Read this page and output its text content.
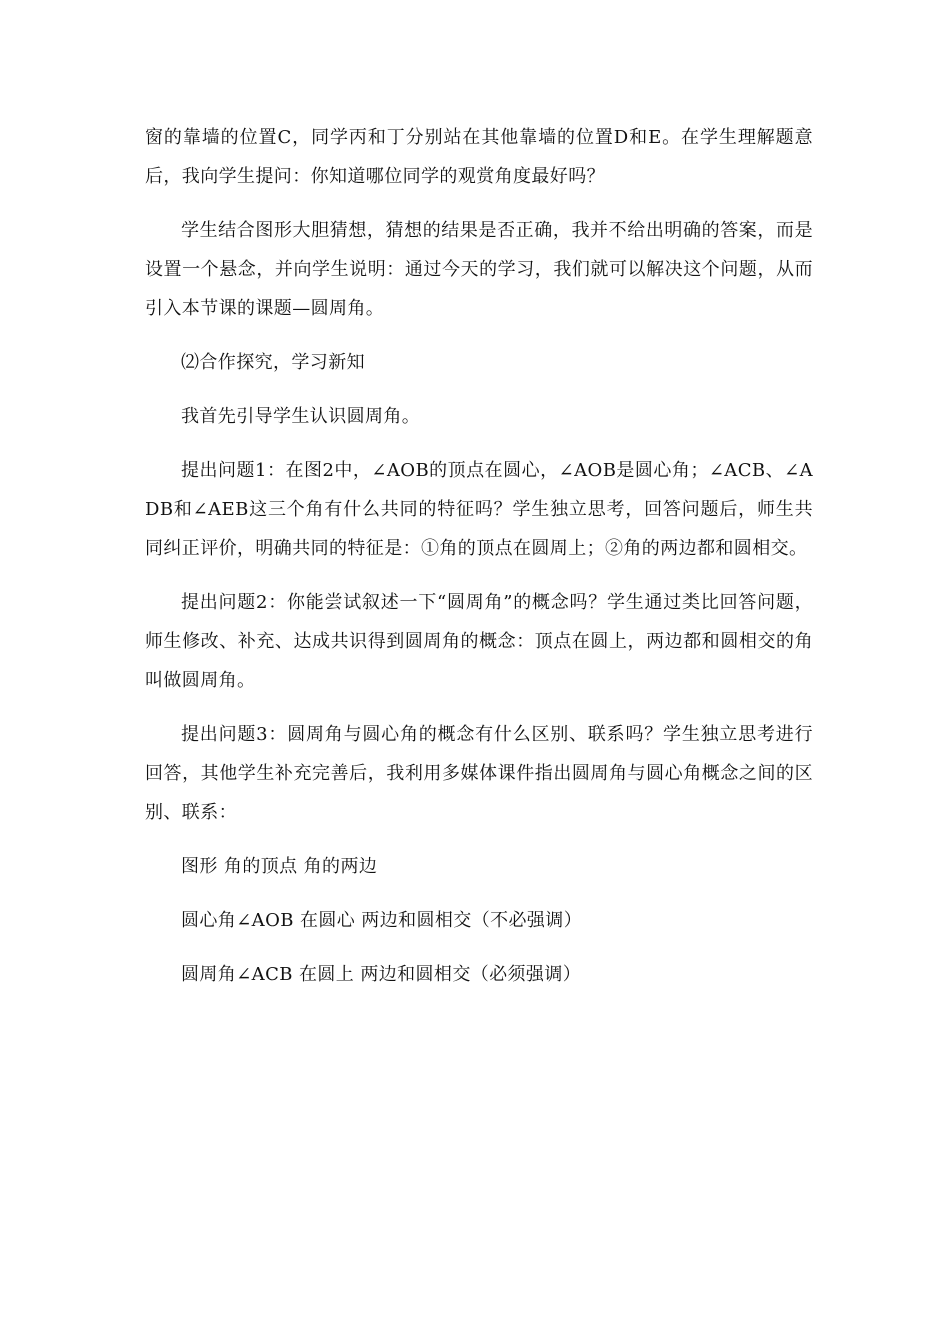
窗的靠墙的位置C，同学丙和丁分别站在其他靠墙的位置D和E。在学生理解题意后，我向学生提问：你知道哪位同学的观赏角度最好吗？

学生结合图形大胆猜想，猜想的结果是否正确，我并不给出明确的答案，而是设置一个悬念，并向学生说明：通过今天的学习，我们就可以解决这个问题，从而引入本节课的课题—圆周角。

⑵合作探究，学习新知

我首先引导学生认识圆周角。

提出问题1：在图2中，∠AOB的顶点在圆心，∠AOB是圆心角；∠ACB、∠ADB和∠AEB这三个角有什么共同的特征吗？学生独立思考，回答问题后，师生共同纠正评价，明确共同的特征是：①角的顶点在圆周上；②角的两边都和圆相交。

提出问题2：你能尝试叙述一下“圆周角”的概念吗？学生通过类比回答问题，师生修改、补充、达成共识得到圆周角的概念：顶点在圆上，两边都和圆相交的角叫做圆周角。

提出问题3：圆周角与圆心角的概念有什么区别、联系吗？学生独立思考进行回答，其他学生补充完善后，我利用多媒体课件指出圆周角与圆心角概念之间的区别、联系：

图形 角的顶点 角的两边

圆心角∠AOB 在圆心 两边和圆相交（不必强调）

圆周角∠ACB 在圆上 两边和圆相交（必须强调）
